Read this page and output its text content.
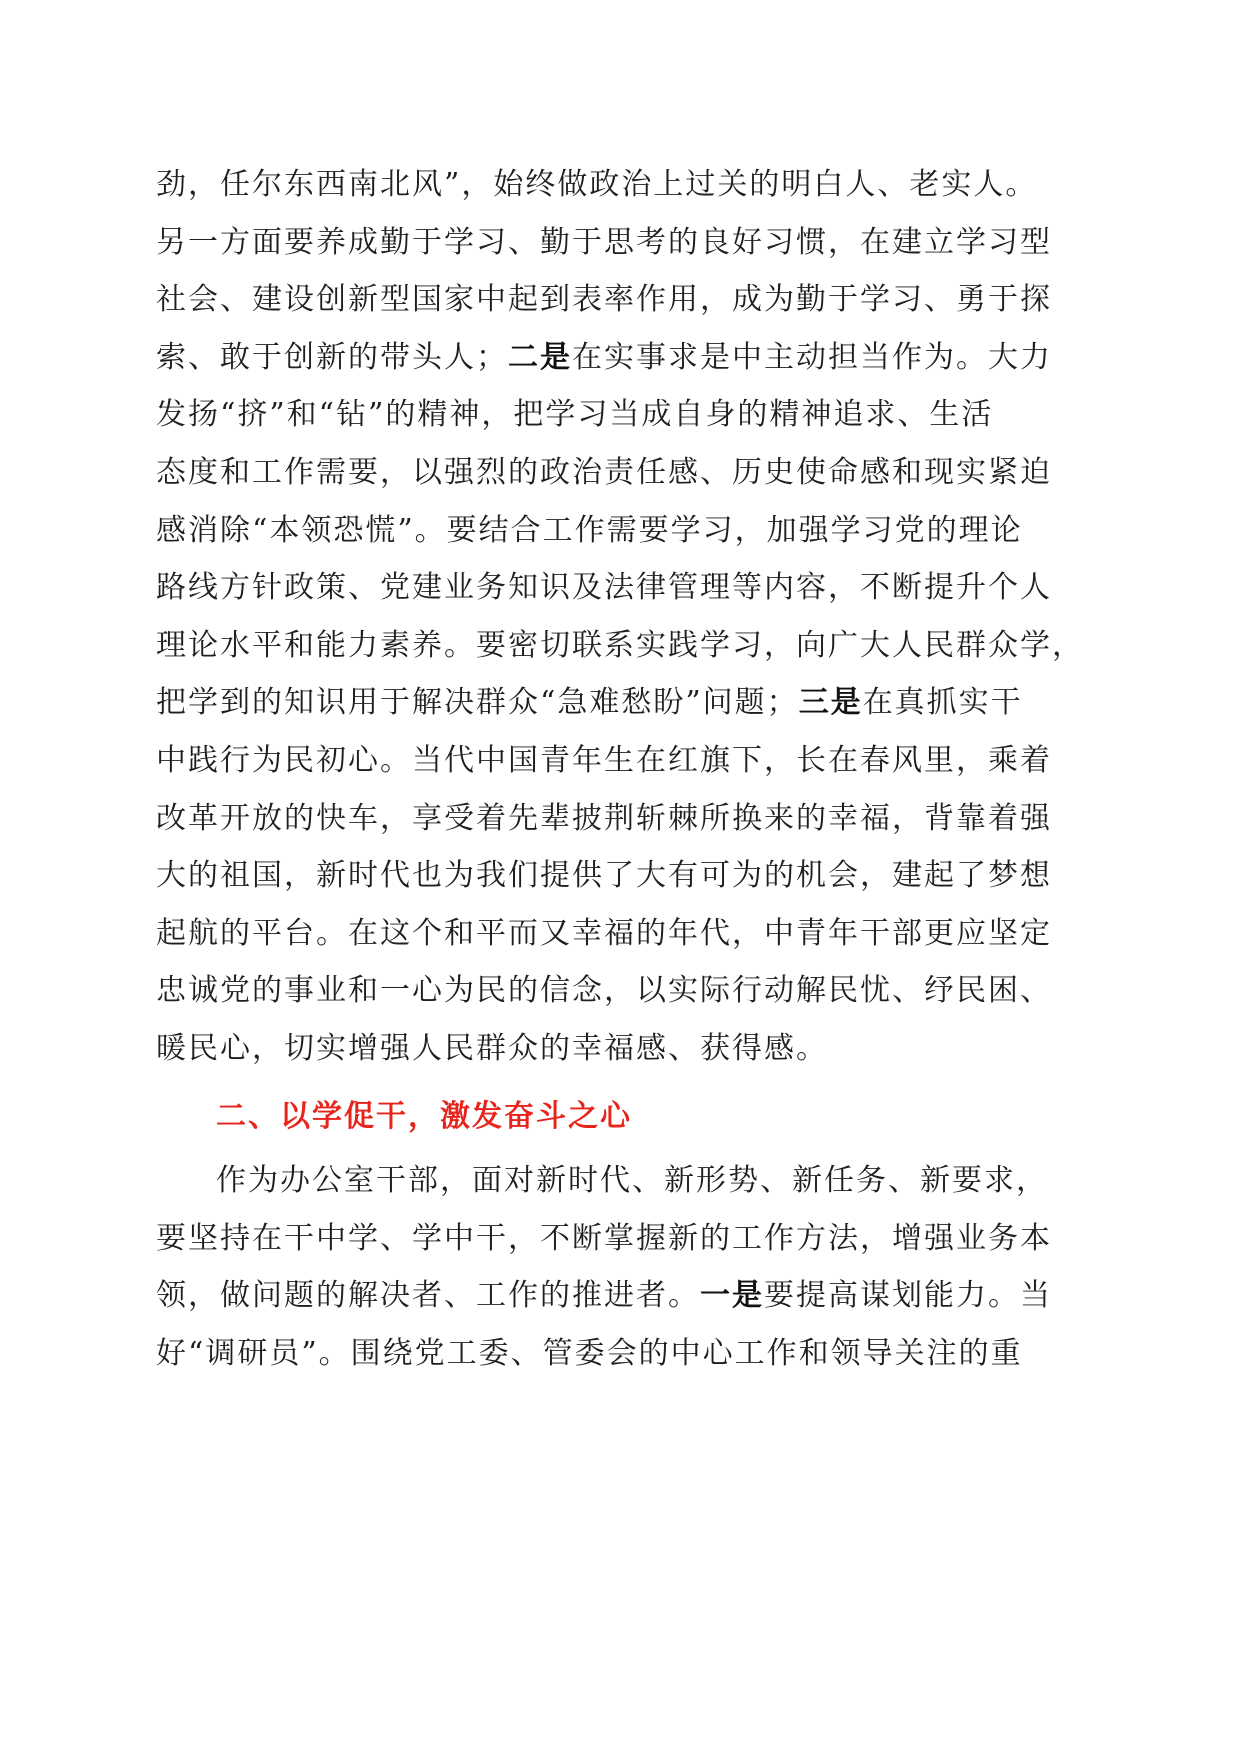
劲，任尔东西南北风”，始终做政治上过关的明白人、老实人。
另一方面要养成勤于学习、勤于思考的良好习惯，在建立学习型
社会、建设创新型国家中起到表率作用，成为勤于学习、勇于探
索、敢于创新的带头人；二是在实事求是中主动担当作为。大力
发扬“挤”和“钻”的精神，把学习当成自身的精神追求、生活
态度和工作需要，以强烈的政治责任感、历史使命感和现实紧迫
感消除“本领恐慌”。要结合工作需要学习，加强学习党的理论
路线方针政策、党建业务知识及法律管理等内容，不断提升个人
理论水平和能力素养。要密切联系实践学习，向广大人民群众学，
把学到的知识用于解决群众“急难愁盼”问题；三是在真抓实干
中践行为民初心。当代中国青年生在红旗下，长在春风里，乘着
改革开放的快车，享受着先辈披荆斩棘所换来的幸福，背靠着强
大的祖国，新时代也为我们提供了大有可为的机会，建起了梦想
起航的平台。在这个和平而又幸福的年代，中青年干部更应坚定
忠诚党的事业和一心为民的信念，以实际行动解民忧、纾民困、
暖民心，切实增强人民群众的幸福感、获得感。
二、以学促干，激发奋斗之心
作为办公室干部，面对新时代、新形势、新任务、新要求，
要坚持在干中学、学中干，不断掌握新的工作方法，增强业务本
领，做问题的解决者、工作的推进者。一是要提高谋划能力。当
好“调研员”。围绕党工委、管委会的中心工作和领导关注的重
